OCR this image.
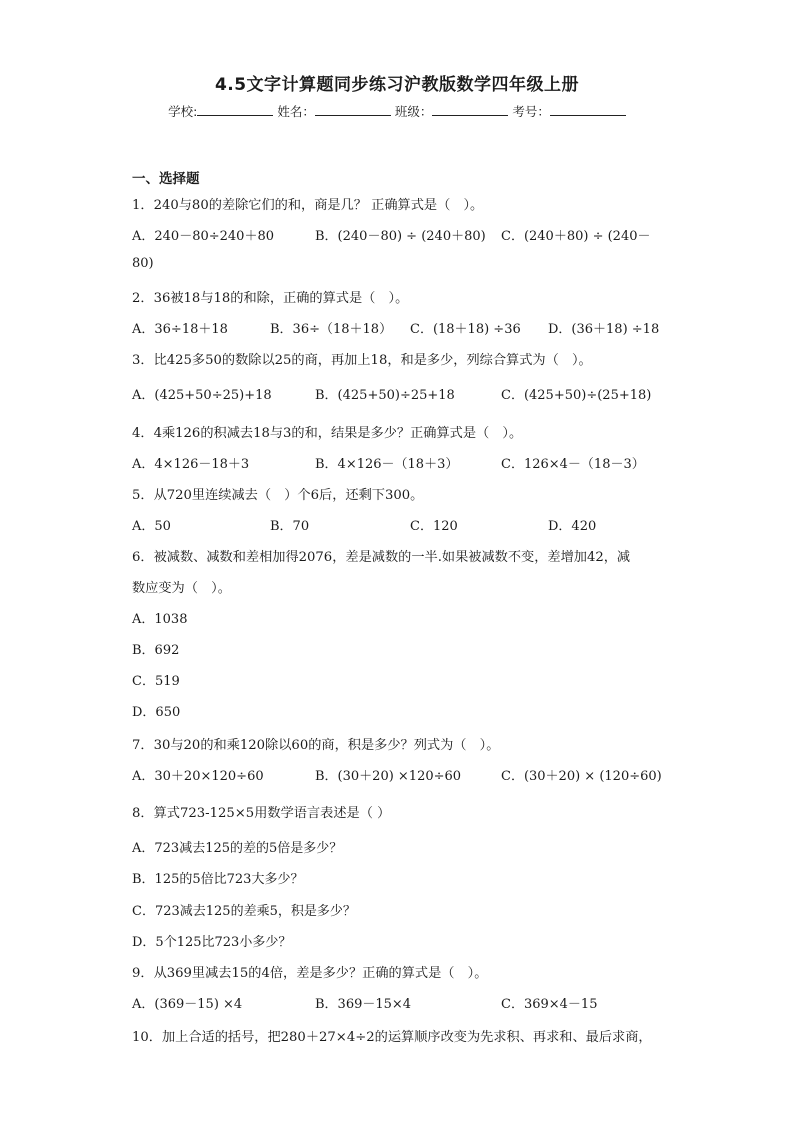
4.5文字计算题同步练习沪教版数学四年级上册
学校:	姓名：	班级：	考号：
一、选择题
1．240与80的差除它们的和，商是几？ 正确算式是（　）。
A．240－80÷240＋80	B．(240－80) ÷ (240＋80) C．(240＋80) ÷ (240－
80)
2．36被18与18的和除，正确的算式是（　）。
A．36÷18＋18	B．36÷（18＋18） C．(18＋18) ÷36 D．(36＋18) ÷18
3．比425多50的数除以25的商，再加上18，和是多少，列综合算式为（　）。
A．(425+50÷25)+18	B．(425+50)÷25+18	C．(425+50)÷(25+18)
4．4乘126的积减去18与3的和，结果是多少？正确算式是（　）。
A．4×126－18＋3	B．4×126－（18＋3）	C．126×4－（18－3）
5．从720里连续减去（　）个6后，还剩下300。
A．50	B．70	C．120	D．420
6．被减数、减数和差相加得2076，差是减数的一半.如果被减数不变，差增加42，减
数应变为（　）。
A．1038
B．692
C．519
D．650
7．30与20的和乘120除以60的商，积是多少？列式为（　）。
A．30＋20×120÷60	B．(30＋20) ×120÷60	C．(30＋20) × (120÷60)
8．算式723-125×5用数学语言表述是（ ）
A．723减去125的差的5倍是多少？
B．125的5倍比723大多少？
C．723减去125的差乘5，积是多少？
D．5个125比723小多少？
9．从369里减去15的4倍，差是多少？正确的算式是（　）。
A．(369－15) ×4	B．369－15×4	C．369×4－15
10．加上合适的括号，把280＋27×4÷2的运算顺序改变为先求积、再求和、最后求商，
